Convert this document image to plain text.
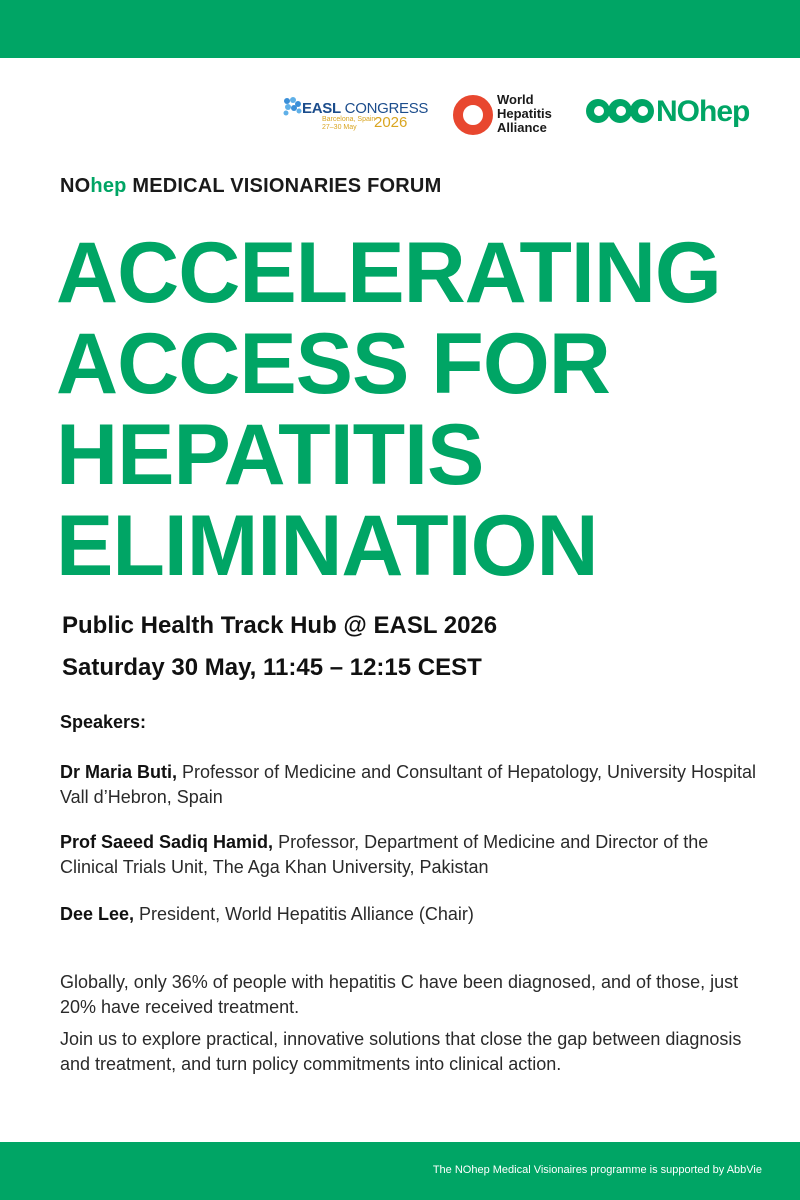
EASL CONGRESS
Barcelona, Spain
27–30 May	2026
World
Hepatitis
Alliance	NOhep
NOhep MEDICAL VISIONARIES FORUM
ACCELERATING
ACCESS FOR
HEPATITIS
ELIMINATION
Public Health Track Hub @ EASL 2026
Saturday 30 May, 11:45 – 12:15 CEST
Speakers:
Dr Maria Buti, Professor of Medicine and Consultant of Hepatology, University Hospital Vall d’Hebron, Spain
Prof Saeed Sadiq Hamid, Professor, Department of Medicine and Director of the Clinical Trials Unit, The Aga Khan University, Pakistan
Dee Lee, President, World Hepatitis Alliance (Chair)
Globally, only 36% of people with hepatitis C have been diagnosed, and of those, just 20% have received treatment.
Join us to explore practical, innovative solutions that close the gap between diagnosis and treatment, and turn policy commitments into clinical action.
The NOhep Medical Visionaires programme is supported by AbbVie
